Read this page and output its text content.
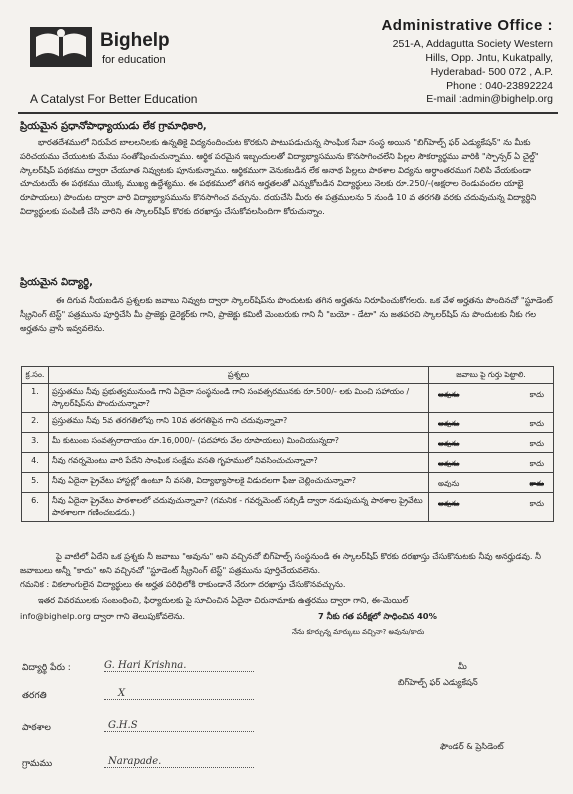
Bighelp
for education
A Catalyst For Better Education
Administrative Office :
251-A, Addagutta Society Western
Hills, Opp. Jntu, Kukatpally,
Hyderabad- 500 072 , A.P.
Phone : 040-23892224
E-mail :admin@bighelp.org
ప్రియమైన ప్రధానోపాధ్యాయుడు లేక గ్రామాధికారి,
భారతదేశములో నిరుపేద బాలలనిలకు ఉన్నతికై విద్యనందించుట కొరకుని పాటుపడుచున్న సాంఘిక సేవా సంస్థ అయిన "బిగ్‌హెల్ప్ ఫర్ ఎడ్యుకేషన్" ను మీకు పరిచయము చేయుటకు మేము సంతోషించుచున్నాము. ఆర్థిక పరమైన ఇబ్బందులతో విద్యాభ్యాసమును కొనసాగించలేని పిల్లల సౌకర్యార్థము వారికి "స్పాన్సర్ ఏ చైల్డ్" స్కాలర్‌షిప్ పథకము ద్వారా చేయూత నివ్వుటకు పూనుకున్నాము. ఆర్థికముగా వెనుకబడిన లేక అనాథ పిల్లలు పాఠశాల విద్యను అర్ధాంతరముగ నిలిపి వేయకుండా చూచుటయే ఈ పథకము యొక్క ముఖ్య ఉద్దేశ్యము. ఈ పథకములో తగిన అర్హతలతో ఎన్నుకోబడిన విద్యార్థులు నెలకు రూ.250/-(అక్షరాల రెండువందల యాభై రూపాయలు) పొందుట ద్వారా వారి విద్యాభ్యాసమును కొనసాగించ వచ్చును. దయచేసి మీరు ఈ పత్రములను 5 నుండి 10 వ తరగతి వరకు చదువుచున్న విద్యార్థిని విద్యార్థులకు పంపిణీ చేసి వారిని ఈ స్కాలర్‌షిప్ కొరకు దరఖాస్తు చేసుకోవలసిందిగా కోరుచున్నాం.
ప్రియమైన విద్యార్థి,
ఈ దిగువ నీయబడిన ప్రశ్నలకు జవాబు నివ్వుట ద్వారా స్కాలర్‌షిప్‌ను పొందుటకు తగిన అర్హతను నిరూపించుకోగలరు. ఒక వేళ అర్హతను పొందినచో "స్టూడెంట్ స్క్రీనింగ్ టెస్ట్" పత్రమును పూర్తిచేసి మీ ప్రాజెక్టు డైరెక్టర్‌కు గాని, ప్రాజెక్టు కమిటీ మెంబరుకు గాని నీ "బయో - డేటా" ను జతపరచి స్కాలర్‌షిప్ ను పొందుటకు నీకు గల అర్హతను వ్రాసి ఇవ్వవలెను.
క్ర.సం.	ప్రశ్నలు	జవాబు పై గుర్తు పెట్టాలి.
1.	ప్రస్తుతము నీవు ప్రభుత్వమునుండి గాని ఏదైనా సంస్థనుండి గాని సంవత్సరమునకు రూ.500/- లకు మించి సహాయం / స్కాలర్‌షిప్‌ను పొందుచున్నావా?	అవును కాదు

2.	ప్రస్తుతము నీవు 5వ తరగతిలోపు గాని 10వ తరగతిపైన గాని చదువున్నావా?	అవును కాదు

3.	మీ కుటుంబ సంవత్సరాదాయం రూ.16,000/- (పదహారు వేల రూపాయలు) మించియున్నదా?	అవును కాదు

4.	నీవు గవర్నమెంటు వారి పేదేని సాంఘిక సంక్షేమ వసతి గృహములో నివసించుచున్నావా?	అవును కాదు

5.	నీవు ఏదైనా ప్రైవేటు హాస్టల్లో ఉంటూ నీ వసతి, విద్యాభ్యాసాలకై విడుదలగా ఫీజు చెల్లించుచున్నావా?	అవును కాదు

6.	నీవు ఏదైనా ప్రైవేటు పాఠశాలలో చదువుచున్నావా? (గమనిక - గవర్నమెంట్ సబ్సిడీ ద్వారా నడుపుచున్న పాఠశాల ప్రైవేటు పాఠశాలగా గణించబడదు.)	అవును కాదు
పై వాటిలో ఏదేని ఒక ప్రశ్నకు నీ జవాబు "అవును" అని వచ్చినచో బిగ్‌హెల్ప్ సంస్థనుండి ఈ స్కాలర్‌షిప్ కొరకు దరఖాస్తు చేసుకొనుటకు నీవు అనర్హుడవు. నీ జవాబులు అన్నీ "కాదు" అని వచ్చినచో "స్టూడెంట్ స్క్రీనింగ్ టెస్ట్" పత్రమును పూర్తిచేయవలెను.
గమనిక : వికలాంగులైన విద్యార్థులు ఈ అర్హత పరిధిలోకి రాకుండానే నేరుగా దరఖాస్తు చేసుకొనవచ్చును.
ఇతర వివరములకు సంబంధించి, ఫిర్యాదులకు పై సూచించిన ఏదైనా చిరునామాకు ఉత్తరము ద్వారా గాని, ఈ-మెయిల్
info@bighelp.org ద్వారా గాని తెలుపుకోవలెను.	7 నీకు గత పరీక్షలో సాధించిన 40%
నేను కూర్చున్న మార్కులు వచ్చినా? అవును/కాదు
విద్యార్థి పేరు :	G. Hari Krishna.
తరగతి	X
పాఠశాల	G.H.S
గ్రామము	Narapade.
మీ
బిగ్‌హెల్ప్ ఫర్ ఎడ్యుకేషన్
ఫౌండర్ & ప్రెసిడెంట్
